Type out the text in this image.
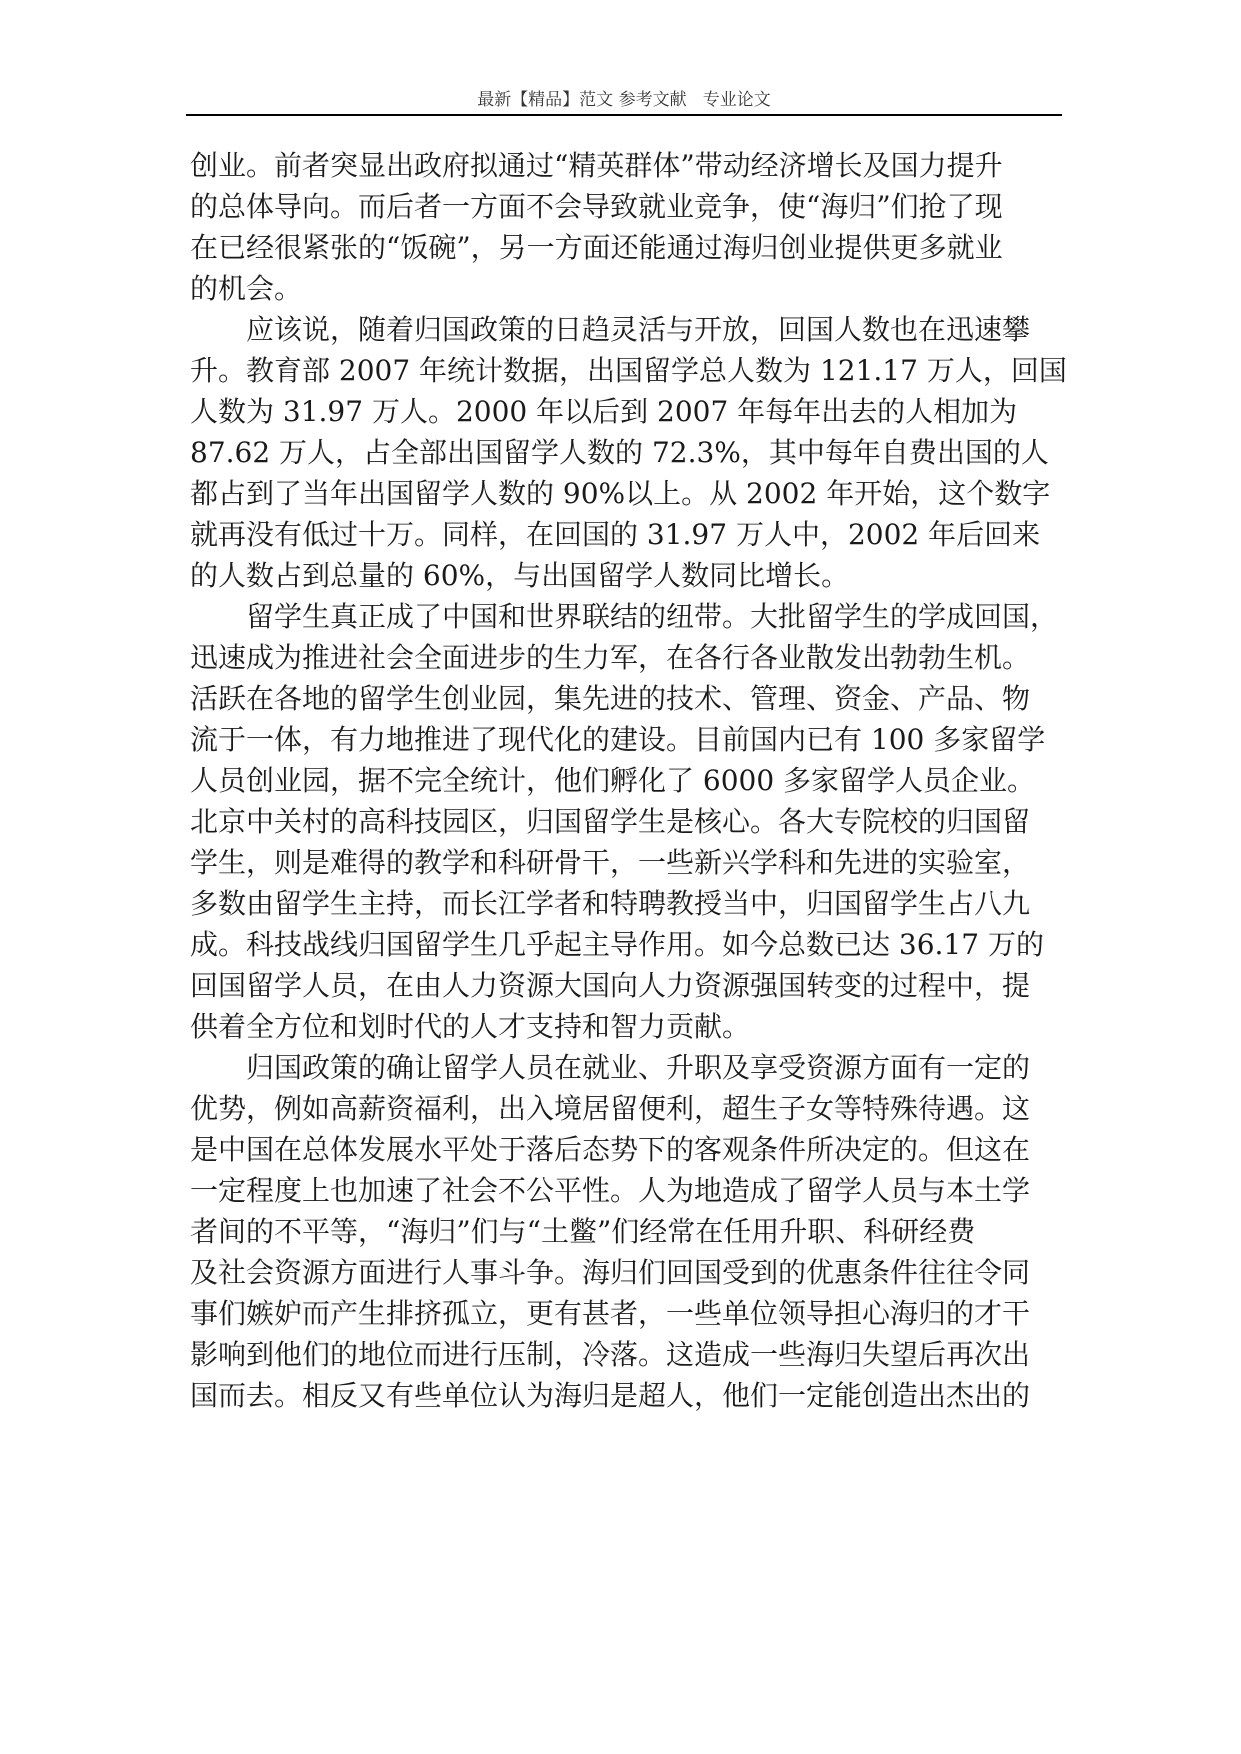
最新【精品】范文 参考文献   专业论文
创业。前者突显出政府拟通过“精英群体”带动经济增长及国力提升
的总体导向。而后者一方面不会导致就业竞争，使“海归”们抢了现
在已经很紧张的“饭碗”，另一方面还能通过海归创业提供更多就业
的机会。
应该说，随着归国政策的日趋灵活与开放，回国人数也在迅速攀
升。教育部 2007 年统计数据，出国留学总人数为 121.17 万人，回国
人数为 31.97 万人。2000 年以后到 2007 年每年出去的人相加为
87.62 万人，占全部出国留学人数的 72.3%，其中每年自费出国的人
都占到了当年出国留学人数的 90%以上。从 2002 年开始，这个数字
就再没有低过十万。同样，在回国的 31.97 万人中，2002 年后回来
的人数占到总量的 60%，与出国留学人数同比增长。
留学生真正成了中国和世界联结的纽带。大批留学生的学成回国，
迅速成为推进社会全面进步的生力军，在各行各业散发出勃勃生机。
活跃在各地的留学生创业园，集先进的技术、管理、资金、产品、物
流于一体，有力地推进了现代化的建设。目前国内已有 100 多家留学
人员创业园，据不完全统计，他们孵化了 6000 多家留学人员企业。
北京中关村的高科技园区，归国留学生是核心。各大专院校的归国留
学生，则是难得的教学和科研骨干，一些新兴学科和先进的实验室，
多数由留学生主持，而长江学者和特聘教授当中，归国留学生占八九
成。科技战线归国留学生几乎起主导作用。如今总数已达 36.17 万的
回国留学人员，在由人力资源大国向人力资源强国转变的过程中，提
供着全方位和划时代的人才支持和智力贡献。
归国政策的确让留学人员在就业、升职及享受资源方面有一定的
优势，例如高薪资福利，出入境居留便利，超生子女等特殊待遇。这
是中国在总体发展水平处于落后态势下的客观条件所决定的。但这在
一定程度上也加速了社会不公平性。人为地造成了留学人员与本土学
者间的不平等，“海归”们与“土鳖”们经常在任用升职、科研经费
及社会资源方面进行人事斗争。海归们回国受到的优惠条件往往令同
事们嫉妒而产生排挤孤立，更有甚者，一些单位领导担心海归的才干
影响到他们的地位而进行压制，冷落。这造成一些海归失望后再次出
国而去。相反又有些单位认为海归是超人，他们一定能创造出杰出的
